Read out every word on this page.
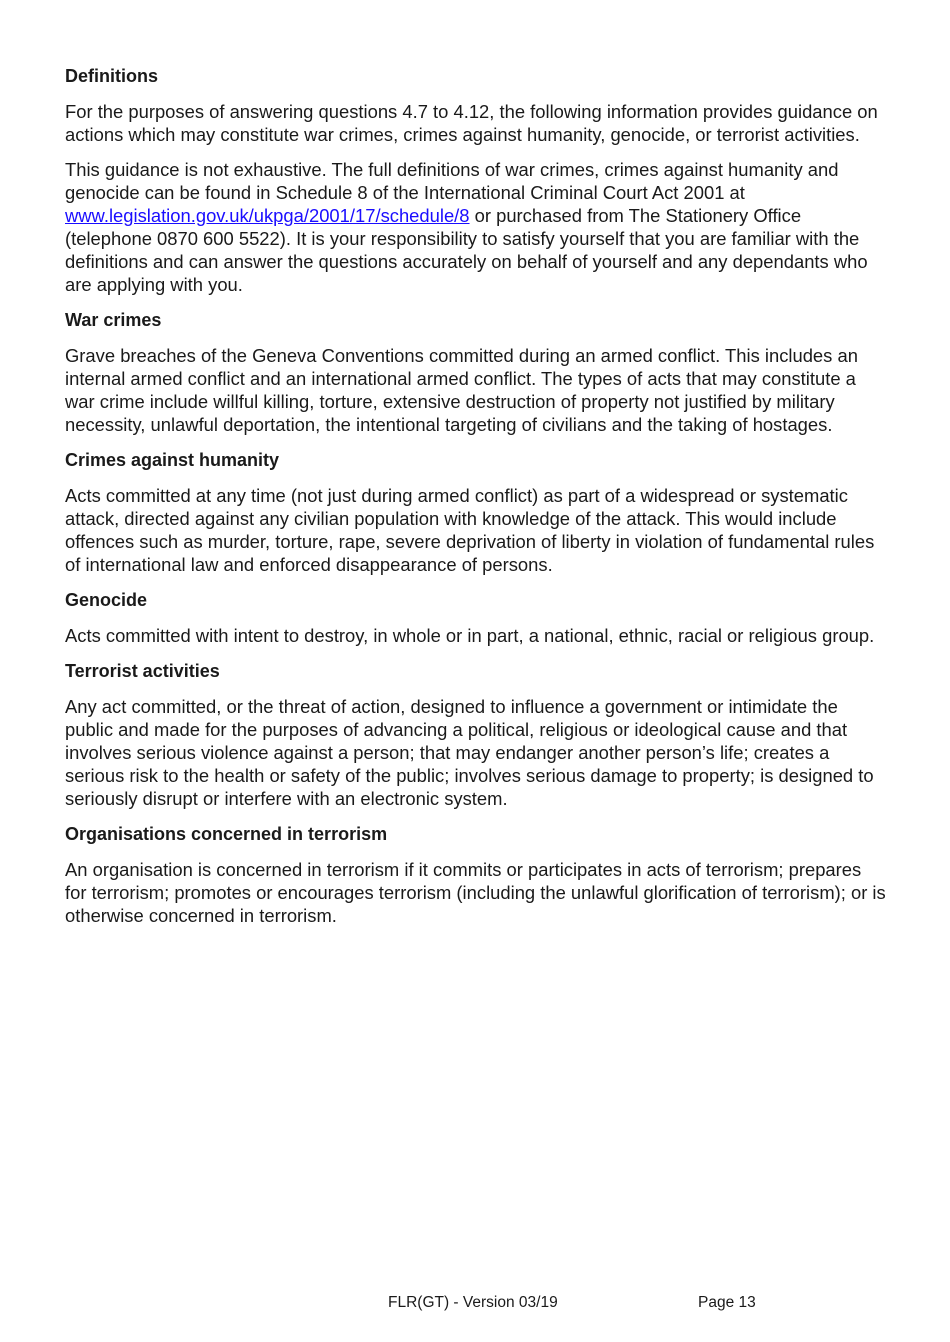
Definitions

For the purposes of answering questions 4.7 to 4.12, the following information provides guidance on actions which may constitute war crimes, crimes against humanity, genocide, or terrorist activities.

This guidance is not exhaustive. The full definitions of war crimes, crimes against humanity and genocide can be found in Schedule 8 of the International Criminal Court Act 2001 at www.legislation.gov.uk/ukpga/2001/17/schedule/8 or purchased from The Stationery Office (telephone 0870 600 5522). It is your responsibility to satisfy yourself that you are familiar with the definitions and can answer the questions accurately on behalf of yourself and any dependants who are applying with you.

War crimes

Grave breaches of the Geneva Conventions committed during an armed conflict. This includes an internal armed conflict and an international armed conflict. The types of acts that may constitute a war crime include willful killing, torture, extensive destruction of property not justified by military necessity, unlawful deportation, the intentional targeting of civilians and the taking of hostages.

Crimes against humanity

Acts committed at any time (not just during armed conflict) as part of a widespread or systematic attack, directed against any civilian population with knowledge of the attack. This would include offences such as murder, torture, rape, severe deprivation of liberty in violation of fundamental rules of international law and enforced disappearance of persons.

Genocide

Acts committed with intent to destroy, in whole or in part, a national, ethnic, racial or religious group.

Terrorist activities

Any act committed, or the threat of action, designed to influence a government or intimidate the public and made for the purposes of advancing a political, religious or ideological cause and that involves serious violence against a person; that may endanger another person’s life; creates a serious risk to the health or safety of the public; involves serious damage to property; is designed to seriously disrupt or interfere with an electronic system.

Organisations concerned in terrorism

An organisation is concerned in terrorism if it commits or participates in acts of terrorism; prepares for terrorism; promotes or encourages terrorism (including the unlawful glorification of terrorism); or is otherwise concerned in terrorism.

FLR(GT) - Version 03/19	Page 13
